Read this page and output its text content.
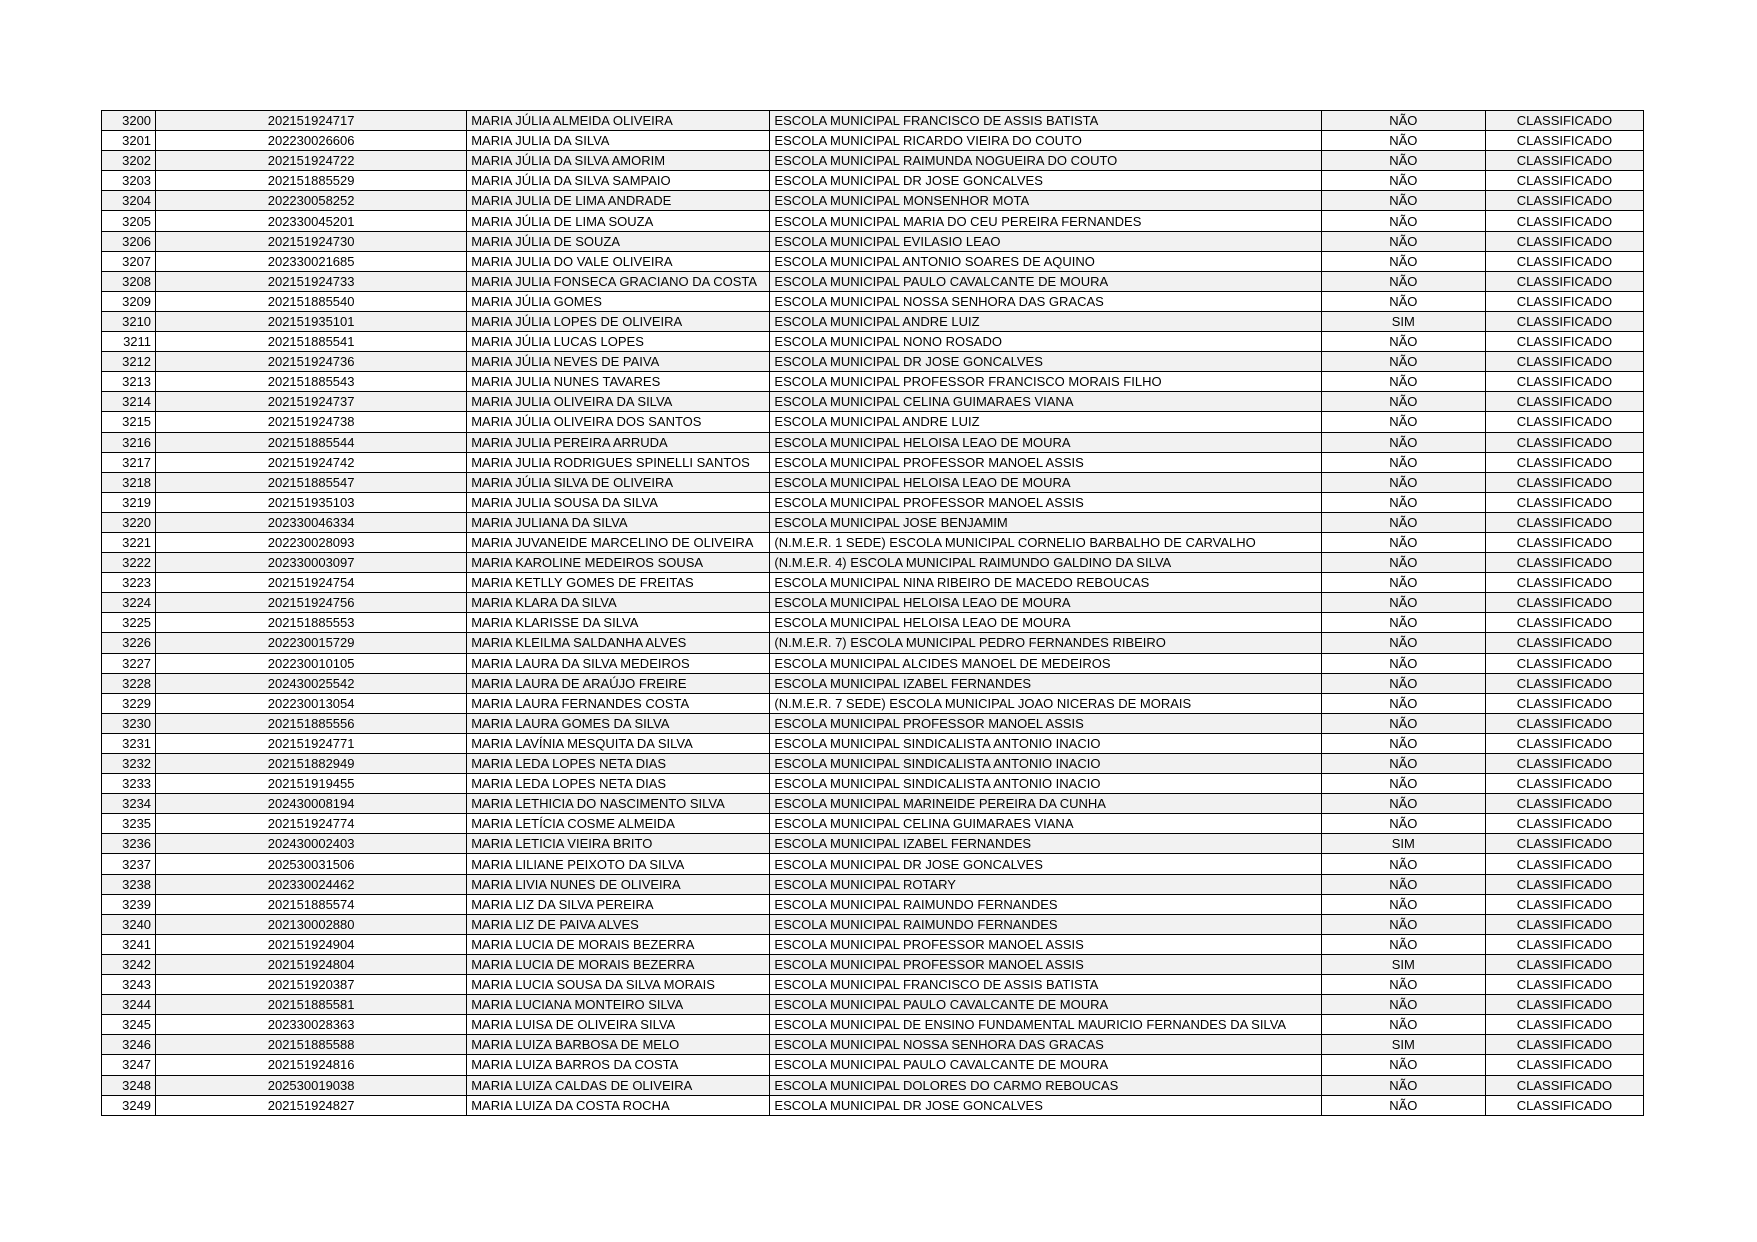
3200	202151924717	MARIA JÚLIA ALMEIDA OLIVEIRA	ESCOLA MUNICIPAL FRANCISCO DE ASSIS BATISTA	NÃO	CLASSIFICADO
3201	202230026606	MARIA JULIA DA SILVA	ESCOLA MUNICIPAL RICARDO VIEIRA DO COUTO	NÃO	CLASSIFICADO
3202	202151924722	MARIA JÚLIA DA SILVA AMORIM	ESCOLA MUNICIPAL RAIMUNDA NOGUEIRA DO COUTO	NÃO	CLASSIFICADO
3203	202151885529	MARIA JÚLIA DA SILVA SAMPAIO	ESCOLA MUNICIPAL DR JOSE GONCALVES	NÃO	CLASSIFICADO
3204	202230058252	MARIA JULIA DE LIMA ANDRADE	ESCOLA MUNICIPAL MONSENHOR MOTA	NÃO	CLASSIFICADO
3205	202330045201	MARIA JÚLIA DE LIMA SOUZA	ESCOLA MUNICIPAL MARIA DO CEU PEREIRA FERNANDES	NÃO	CLASSIFICADO
3206	202151924730	MARIA JÚLIA DE SOUZA	ESCOLA MUNICIPAL EVILASIO LEAO	NÃO	CLASSIFICADO
3207	202330021685	MARIA JULIA DO VALE OLIVEIRA	ESCOLA MUNICIPAL ANTONIO SOARES DE AQUINO	NÃO	CLASSIFICADO
3208	202151924733	MARIA JULIA FONSECA GRACIANO DA COSTA	ESCOLA MUNICIPAL PAULO CAVALCANTE DE MOURA	NÃO	CLASSIFICADO
3209	202151885540	MARIA JÚLIA GOMES	ESCOLA MUNICIPAL NOSSA SENHORA DAS GRACAS	NÃO	CLASSIFICADO
3210	202151935101	MARIA JÚLIA LOPES DE OLIVEIRA	ESCOLA MUNICIPAL ANDRE LUIZ	SIM	CLASSIFICADO
3211	202151885541	MARIA JÚLIA LUCAS LOPES	ESCOLA MUNICIPAL NONO ROSADO	NÃO	CLASSIFICADO
3212	202151924736	MARIA JÚLIA NEVES DE PAIVA	ESCOLA MUNICIPAL DR JOSE GONCALVES	NÃO	CLASSIFICADO
3213	202151885543	MARIA JULIA NUNES TAVARES	ESCOLA MUNICIPAL PROFESSOR FRANCISCO MORAIS FILHO	NÃO	CLASSIFICADO
3214	202151924737	MARIA JULIA OLIVEIRA DA SILVA	ESCOLA MUNICIPAL CELINA GUIMARAES VIANA	NÃO	CLASSIFICADO
3215	202151924738	MARIA JÚLIA OLIVEIRA DOS SANTOS	ESCOLA MUNICIPAL ANDRE LUIZ	NÃO	CLASSIFICADO
3216	202151885544	MARIA JULIA PEREIRA ARRUDA	ESCOLA MUNICIPAL HELOISA LEAO DE MOURA	NÃO	CLASSIFICADO
3217	202151924742	MARIA JULIA RODRIGUES SPINELLI SANTOS	ESCOLA MUNICIPAL PROFESSOR MANOEL ASSIS	NÃO	CLASSIFICADO
3218	202151885547	MARIA JÚLIA SILVA DE OLIVEIRA	ESCOLA MUNICIPAL HELOISA LEAO DE MOURA	NÃO	CLASSIFICADO
3219	202151935103	MARIA JULIA SOUSA DA SILVA	ESCOLA MUNICIPAL PROFESSOR MANOEL ASSIS	NÃO	CLASSIFICADO
3220	202330046334	MARIA JULIANA DA SILVA	ESCOLA MUNICIPAL JOSE BENJAMIM	NÃO	CLASSIFICADO
3221	202230028093	MARIA JUVANEIDE MARCELINO DE OLIVEIRA	(N.M.E.R. 1 SEDE) ESCOLA MUNICIPAL CORNELIO BARBALHO DE CARVALHO	NÃO	CLASSIFICADO
3222	202330003097	MARIA KAROLINE MEDEIROS SOUSA	(N.M.E.R. 4) ESCOLA MUNICIPAL RAIMUNDO GALDINO DA SILVA	NÃO	CLASSIFICADO
3223	202151924754	MARIA KETLLY GOMES DE FREITAS	ESCOLA MUNICIPAL NINA RIBEIRO DE MACEDO REBOUCAS	NÃO	CLASSIFICADO
3224	202151924756	MARIA KLARA DA SILVA	ESCOLA MUNICIPAL HELOISA LEAO DE MOURA	NÃO	CLASSIFICADO
3225	202151885553	MARIA KLARISSE DA SILVA	ESCOLA MUNICIPAL HELOISA LEAO DE MOURA	NÃO	CLASSIFICADO
3226	202230015729	MARIA KLEILMA SALDANHA ALVES	(N.M.E.R. 7) ESCOLA MUNICIPAL PEDRO FERNANDES RIBEIRO	NÃO	CLASSIFICADO
3227	202230010105	MARIA LAURA DA SILVA MEDEIROS	ESCOLA MUNICIPAL ALCIDES MANOEL DE MEDEIROS	NÃO	CLASSIFICADO
3228	202430025542	MARIA LAURA DE ARAÚJO FREIRE	ESCOLA MUNICIPAL IZABEL FERNANDES	NÃO	CLASSIFICADO
3229	202230013054	MARIA LAURA FERNANDES COSTA	(N.M.E.R. 7 SEDE) ESCOLA MUNICIPAL JOAO NICERAS DE MORAIS	NÃO	CLASSIFICADO
3230	202151885556	MARIA LAURA GOMES DA SILVA	ESCOLA MUNICIPAL PROFESSOR MANOEL ASSIS	NÃO	CLASSIFICADO
3231	202151924771	MARIA LAVÍNIA MESQUITA DA SILVA	ESCOLA MUNICIPAL SINDICALISTA ANTONIO INACIO	NÃO	CLASSIFICADO
3232	202151882949	MARIA LEDA LOPES NETA DIAS	ESCOLA MUNICIPAL SINDICALISTA ANTONIO INACIO	NÃO	CLASSIFICADO
3233	202151919455	MARIA LEDA LOPES NETA DIAS	ESCOLA MUNICIPAL SINDICALISTA ANTONIO INACIO	NÃO	CLASSIFICADO
3234	202430008194	MARIA LETHICIA DO NASCIMENTO SILVA	ESCOLA MUNICIPAL MARINEIDE PEREIRA DA CUNHA	NÃO	CLASSIFICADO
3235	202151924774	MARIA LETÍCIA COSME ALMEIDA	ESCOLA MUNICIPAL CELINA GUIMARAES VIANA	NÃO	CLASSIFICADO
3236	202430002403	MARIA LETICIA VIEIRA BRITO	ESCOLA MUNICIPAL IZABEL FERNANDES	SIM	CLASSIFICADO
3237	202530031506	MARIA LILIANE PEIXOTO DA SILVA	ESCOLA MUNICIPAL DR JOSE GONCALVES	NÃO	CLASSIFICADO
3238	202330024462	MARIA LIVIA NUNES DE OLIVEIRA	ESCOLA MUNICIPAL ROTARY	NÃO	CLASSIFICADO
3239	202151885574	MARIA LIZ DA SILVA PEREIRA	ESCOLA MUNICIPAL RAIMUNDO FERNANDES	NÃO	CLASSIFICADO
3240	202130002880	MARIA LIZ DE PAIVA ALVES	ESCOLA MUNICIPAL RAIMUNDO FERNANDES	NÃO	CLASSIFICADO
3241	202151924904	MARIA LUCIA DE MORAIS BEZERRA	ESCOLA MUNICIPAL PROFESSOR MANOEL ASSIS	NÃO	CLASSIFICADO
3242	202151924804	MARIA LUCIA DE MORAIS BEZERRA	ESCOLA MUNICIPAL PROFESSOR MANOEL ASSIS	SIM	CLASSIFICADO
3243	202151920387	MARIA LUCIA SOUSA DA SILVA MORAIS	ESCOLA MUNICIPAL FRANCISCO DE ASSIS BATISTA	NÃO	CLASSIFICADO
3244	202151885581	MARIA LUCIANA MONTEIRO SILVA	ESCOLA MUNICIPAL PAULO CAVALCANTE DE MOURA	NÃO	CLASSIFICADO
3245	202330028363	MARIA LUISA DE OLIVEIRA SILVA	ESCOLA MUNICIPAL DE ENSINO FUNDAMENTAL MAURICIO FERNANDES DA SILVA	NÃO	CLASSIFICADO
3246	202151885588	MARIA LUIZA BARBOSA DE MELO	ESCOLA MUNICIPAL NOSSA SENHORA DAS GRACAS	SIM	CLASSIFICADO
3247	202151924816	MARIA LUIZA BARROS DA COSTA	ESCOLA MUNICIPAL PAULO CAVALCANTE DE MOURA	NÃO	CLASSIFICADO
3248	202530019038	MARIA LUIZA CALDAS DE OLIVEIRA	ESCOLA MUNICIPAL DOLORES DO CARMO REBOUCAS	NÃO	CLASSIFICADO
3249	202151924827	MARIA LUIZA DA COSTA ROCHA	ESCOLA MUNICIPAL DR JOSE GONCALVES	NÃO	CLASSIFICADO
